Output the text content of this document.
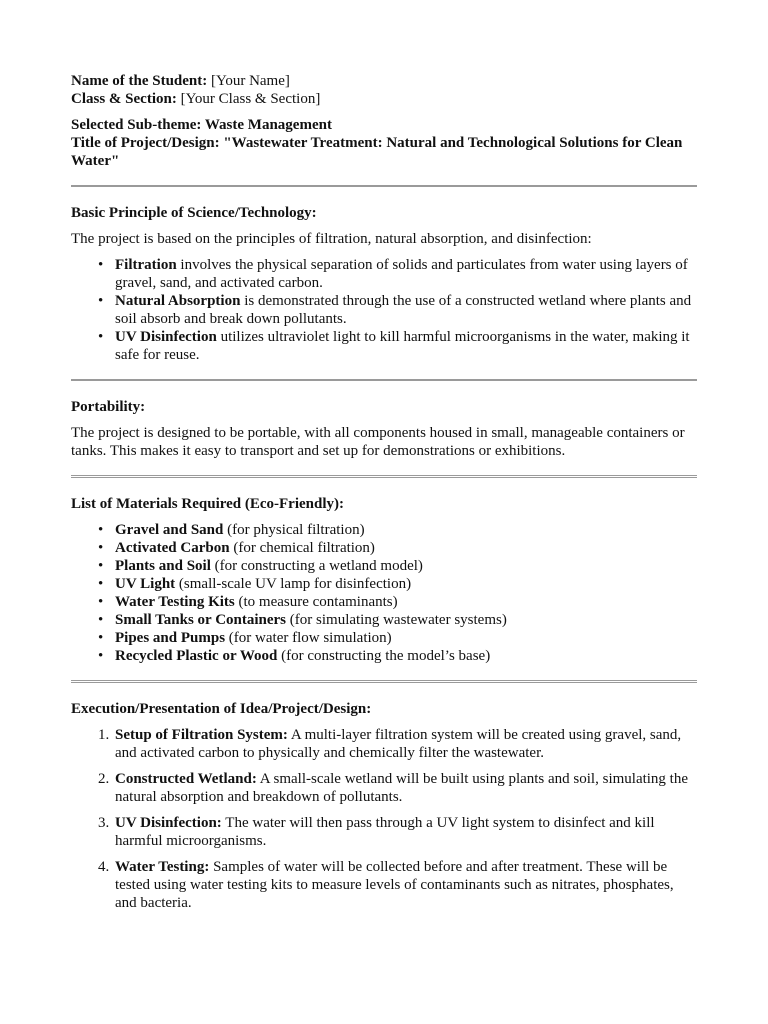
Name of the Student: [Your Name]

Class & Section: [Your Class & Section]

Selected Sub-theme: Waste Management

Title of Project/Design: "Wastewater Treatment: Natural and Technological Solutions for Clean Water"

Basic Principle of Science/Technology:

The project is based on the principles of filtration, natural absorption, and disinfection:

• Filtration involves the physical separation of solids and particulates from water using layers of gravel, sand, and activated carbon.
• Natural Absorption is demonstrated through the use of a constructed wetland where plants and soil absorb and break down pollutants.
• UV Disinfection utilizes ultraviolet light to kill harmful microorganisms in the water, making it safe for reuse.
Portability:

The project is designed to be portable, with all components housed in small, manageable containers or tanks. This makes it easy to transport and set up for demonstrations or exhibitions.

List of Materials Required (Eco-Friendly):
• Gravel and Sand (for physical filtration)
• Activated Carbon (for chemical filtration)
• Plants and Soil (for constructing a wetland model)
• UV Light (small-scale UV lamp for disinfection)
• Water Testing Kits (to measure contaminants)
• Small Tanks or Containers (for simulating wastewater systems)
• Pipes and Pumps (for water flow simulation)
• Recycled Plastic or Wood (for constructing the model’s base)
Execution/Presentation of Idea/Project/Design:
1. Setup of Filtration System: A multi-layer filtration system will be created using gravel, sand, and activated carbon to physically and chemically filter the wastewater.
2. Constructed Wetland: A small-scale wetland will be built using plants and soil, simulating the natural absorption and breakdown of pollutants.
3. UV Disinfection: The water will then pass through a UV light system to disinfect and kill harmful microorganisms.
4. Water Testing: Samples of water will be collected before and after treatment. These will be tested using water testing kits to measure levels of contaminants such as nitrates, phosphates, and bacteria.
